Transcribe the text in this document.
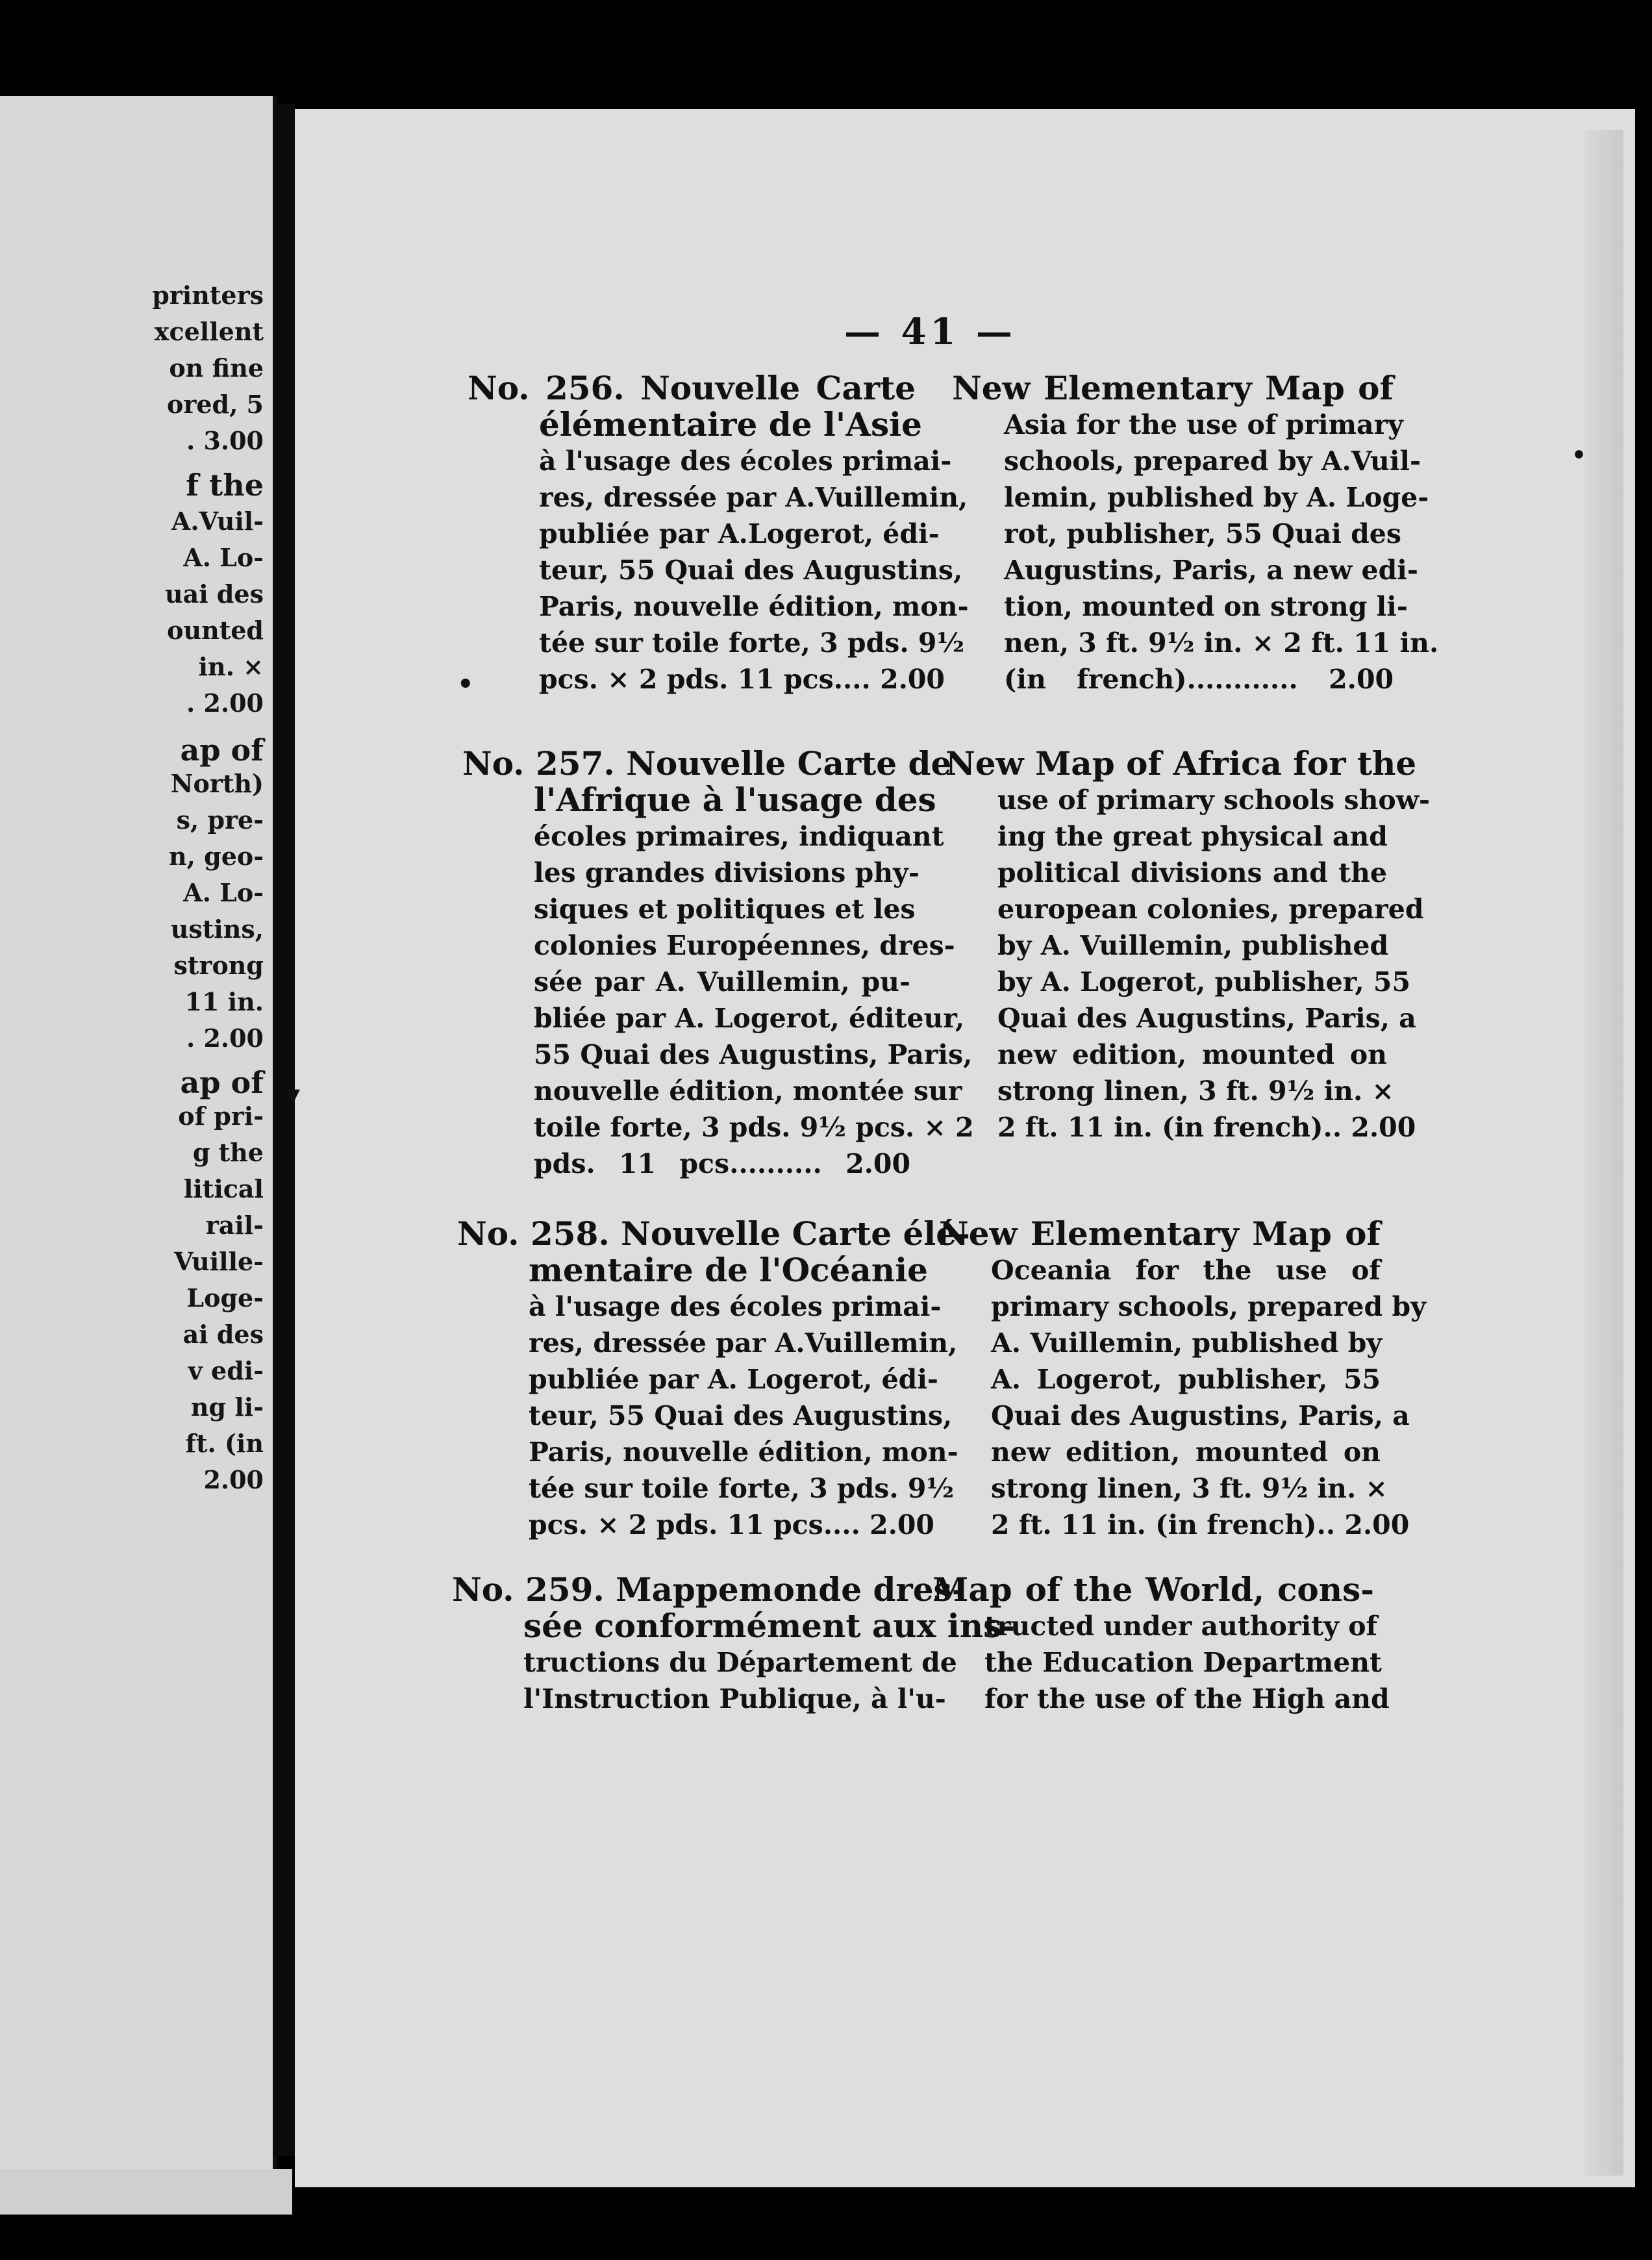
printers
xcellent
on fine
ored, 5
. 3.00
f the
A.Vuil-
A. Lo-
uai des
ounted
in. ×
. 2.00
ap of
North)
s, pre-
n, geo-
A. Lo-
ustins,
strong
11 in.
. 2.00
ap of
of pri-
g the
litical
rail-
Vuille-
Loge-
ai des
v edi-
ng li-
ft. (in
2.00
— 41 —
No. 256. Nouvelle Carte
élémentaire de l'Asie
à l'usage des écoles primai-
res, dressée par A.Vuillemin,
publiée par A.Logerot, édi-
teur, 55 Quai des Augustins,
Paris, nouvelle édition, mon-
tée sur toile forte, 3 pds. 9½
pcs. × 2 pds. 11 pcs.... 2.00
New Elementary Map of
Asia for the use of primary
schools, prepared by A.Vuil-
lemin, published by A. Loge-
rot, publisher, 55 Quai des
Augustins, Paris, a new edi-
tion, mounted on strong li-
nen, 3 ft. 9½ in. × 2 ft. 11 in.
(in french)............ 2.00
No. 257. Nouvelle Carte de
l'Afrique à l'usage des
écoles primaires, indiquant
les grandes divisions phy-
siques et politiques et les
colonies Européennes, dres-
sée par A. Vuillemin, pu-
bliée par A. Logerot, éditeur,
55 Quai des Augustins, Paris,
nouvelle édition, montée sur
toile forte, 3 pds. 9½ pcs. × 2
pds. 11 pcs.......... 2.00
New Map of Africa for the
use of primary schools show-
ing the great physical and
political divisions and the
european colonies, prepared
by A. Vuillemin, published
by A. Logerot, publisher, 55
Quai des Augustins, Paris, a
new edition, mounted on
strong linen, 3 ft. 9½ in. ×
2 ft. 11 in. (in french).. 2.00
No. 258. Nouvelle Carte élé-
mentaire de l'Océanie
à l'usage des écoles primai-
res, dressée par A.Vuillemin,
publiée par A. Logerot, édi-
teur, 55 Quai des Augustins,
Paris, nouvelle édition, mon-
tée sur toile forte, 3 pds. 9½
pcs. × 2 pds. 11 pcs.... 2.00
New Elementary Map of
Oceania for the use of
primary schools, prepared by
A. Vuillemin, published by
A. Logerot, publisher, 55
Quai des Augustins, Paris, a
new edition, mounted on
strong linen, 3 ft. 9½ in. ×
2 ft. 11 in. (in french).. 2.00
No. 259. Mappemonde dres-
sée conformément aux ins-
tructions du Département de
l'Instruction Publique, à l'u-
Map of the World, cons-
tructed under authority of
the Education Department
for the use of the High and
•
•
▾
